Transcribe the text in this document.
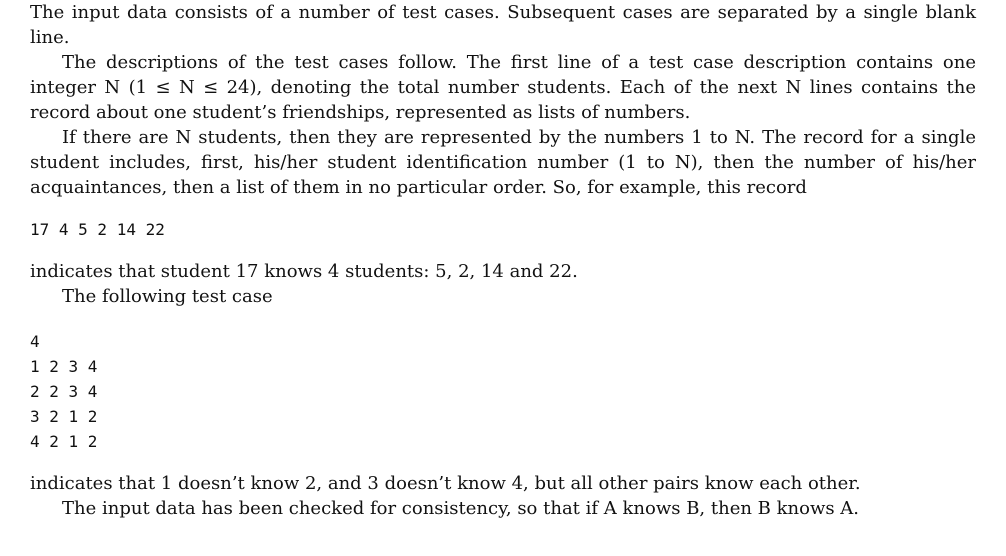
The input data consists of a number of test cases. Subsequent cases are separated by a single blank line.

The descriptions of the test cases follow. The first line of a test case description contains one integer N (1 ≤ N ≤ 24), denoting the total number students. Each of the next N lines contains the record about one student’s friendships, represented as lists of numbers.

If there are N students, then they are represented by the numbers 1 to N. The record for a single student includes, first, his/her student identification number (1 to N), then the number of his/her acquaintances, then a list of them in no particular order. So, for example, this record

17 4 5 2 14 22

indicates that student 17 knows 4 students: 5, 2, 14 and 22.

The following test case

4
1 2 3 4
2 2 3 4
3 2 1 2
4 2 1 2

indicates that 1 doesn’t know 2, and 3 doesn’t know 4, but all other pairs know each other.

The input data has been checked for consistency, so that if A knows B, then B knows A.
